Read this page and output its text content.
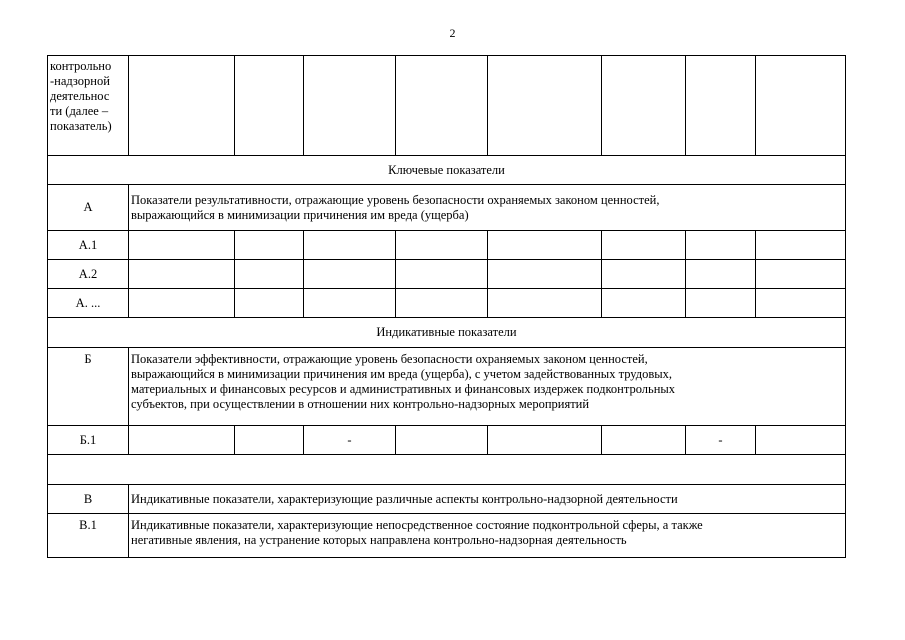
2
контрольно
-надзорной
деятельнос
ти (далее –
показатель)								

Ключевые показатели								
А	Показатели результативности, отражающие уровень безопасности охраняемых законом ценностей,
выражающийся в минимизации причинения им вреда (ущерба)							

А.1								
А.2								
А. ...								
Индикативные показатели								
Б	Показатели эффективности, отражающие уровень безопасности охраняемых законом ценностей,
выражающийся в минимизации причинения им вреда (ущерба), с учетом задействованных трудовых,
материальных и финансовых ресурсов и административных и финансовых издержек подконтрольных
субъектов, при осуществлении в отношении них контрольно-надзорных мероприятий							

Б.1			-				-	

В	Индикативные показатели, характеризующие различные аспекты контрольно-надзорной деятельности							
В.1	Индикативные показатели, характеризующие непосредственное состояние подконтрольной сферы, а также
негативные явления, на устранение которых направлена контрольно-надзорная деятельность							
